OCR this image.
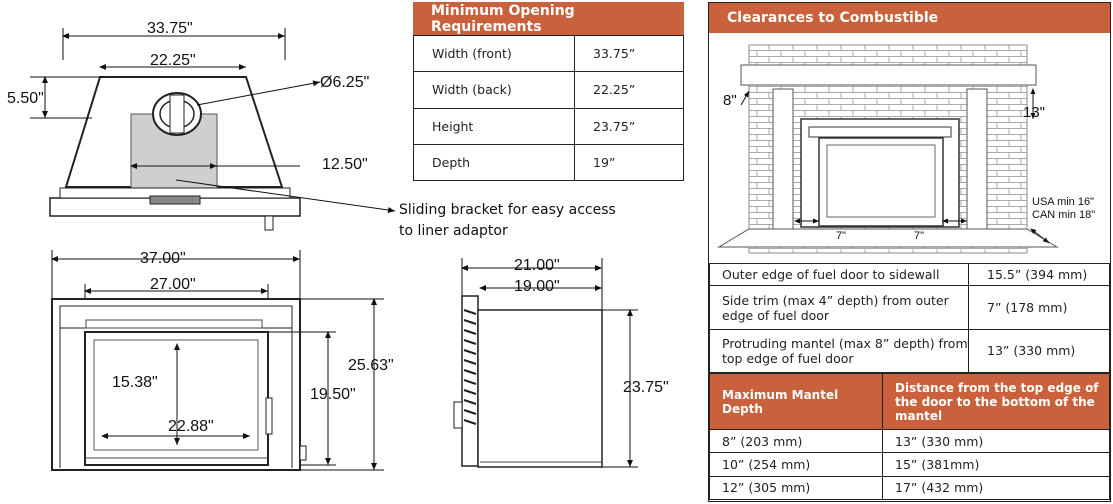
33.75"
22.25"
5.50"
Ø6.25"
12.50"
Sliding bracket for easy access
to liner adaptor
37.00"
27.00"
25.63"
19.50"
15.38"
22.88"
21.00"
19.00"
23.75"
Minimum Opening Requirements
Width (front)	33.75”
Width (back)	22.25”
Height	23.75”
Depth	19”
Clearances to Combustible
8"
13"
7"	7"
USA min 16"
CAN min 18"
Outer edge of fuel door to sidewall	15.5” (394 mm)
Side trim (max 4” depth) from outer edge of fuel door	7” (178 mm)
Protruding mantel (max 8” depth) from top edge of fuel door	13” (330 mm)
Maximum Mantel Depth	Distance from the top edge of the door to the bottom of the mantel
8” (203 mm)	13” (330 mm)
10” (254 mm)	15” (381mm)
12” (305 mm)	17” (432 mm)
